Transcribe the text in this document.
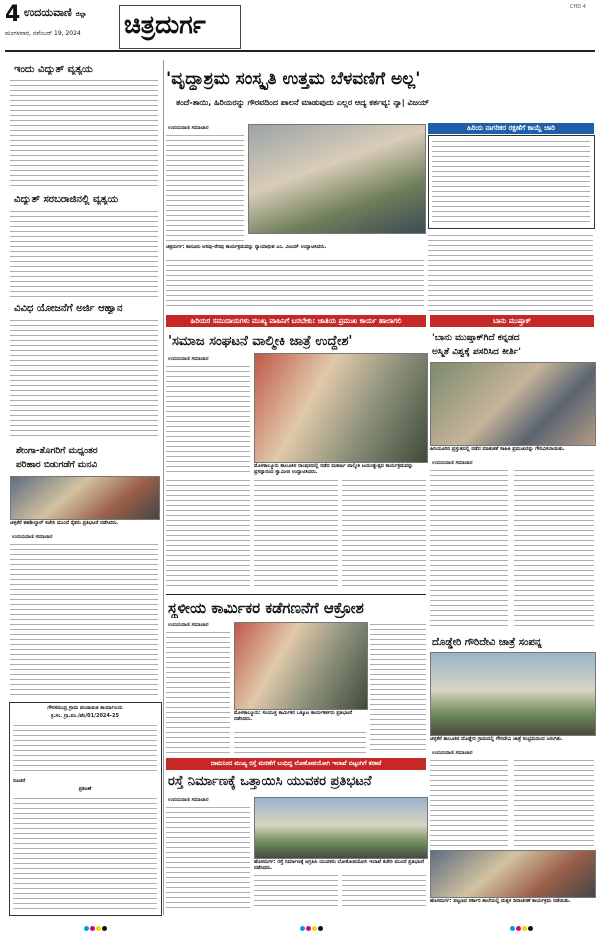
4 ಉದಯವಾಣಿ ಜಿಲ್ಲಾ
ಮಂಗಳವಾರ, ನವೆಂಬರ್ 19, 2024 ಚಿತ್ರದುರ್ಗ
CHD 4
ಇಂದು ವಿದ್ಯುತ್ ವ್ಯತ್ಯಯ
ವಿದ್ಯುತ್ ಸರಬರಾಜಿನಲ್ಲಿ ವ್ಯತ್ಯಯ
ವಿವಿಧ ಯೋಜನೆಗೆ ಅರ್ಜಿ ಆಹ್ವಾನ
ಶೇಂಗಾ-ತೊಗರಿಗೆ ಮಧ್ಯಂತರ
ಪರಿಹಾರ ಬಿಡುಗಡೆಗೆ ಮನವಿ
ಚಳ್ಳಕೆರೆ ತಹಶೀಲ್ದಾರ್ ಕಚೇರಿ ಮುಂದೆ ರೈತರು ಪ್ರತಿಭಟನೆ ನಡೆಸಿದರು.
ಉದಯವಾಣಿ ಸಮಾಚಾರ
ಗೌರಸಮುದ್ರ ಗ್ರಾಮ ಪಂಚಾಯಿತಿ ಕಾರ್ಯಾಲಯ
ಕ್ರ.ಸಂ. ಗ್ರಾ.ಪಂ./ಟೆಂ/01/2024-25
ಸೂಚನೆ
ಪ್ರಕಟಣೆ
'ವೃದ್ಧಾಶ್ರಮ ಸಂಸ್ಕೃತಿ ಉತ್ತಮ ಬೆಳವಣಿಗೆ ಅಲ್ಲ'
ತಂದೆ-ತಾಯಿ, ಹಿರಿಯರನ್ನು ಗೌರವದಿಂದ ಪಾಲನೆ ಮಾಡುವುದು ಎಲ್ಲರ ಆದ್ಯ ಕರ್ತವ್ಯ: ನ್ಯಾ| ವಿಜಯ್
ಉದಯವಾಣಿ ಸಮಾಚಾರ
ಚಿತ್ರದುರ್ಗ: ಕಾನೂನು ಅರಿವು-ನೆರವು ಕಾರ್ಯಕ್ರಮವನ್ನು ನ್ಯಾಯಾಧೀಶ ಎಂ. ವಿಜಯ್ ಉದ್ಘಾಟಿಸಿದರು.
ಹಿರಿಯ ನಾಗರಿಕರ ರಕ್ಷಣೆಗೆ ಕಾಯ್ದೆ ಜಾರಿ
ಹಿರಿಯರ ಸಮುದಾಯಗಳು ಮುಖ್ಯ ವಾಹಿನಿಗೆ ಬರಬೇಕು: ಜಾತಿಯ ಪ್ರಮುಖ ಕಾರ್ಯ ಹಾಲಾಗಲಿ	ಬಾನು ಮುಷ್ತಾಕ್
'ಸಮಾಜ ಸಂಘಟನೆ ವಾಲ್ಮೀಕಿ ಜಾತ್ರೆ ಉದ್ದೇಶ'
ಉದಯವಾಣಿ ಸಮಾಚಾರ
ಮೊಳಕಾಲ್ಮೂರು ತಾಲೂಕಿನ ರಾಂಪುರದಲ್ಲಿ ನಡೆದ ಮಹರ್ಷಿ ವಾಲ್ಮೀಕಿ ಜಯಂತ್ಯುತ್ಸವ ಕಾರ್ಯಕ್ರಮವನ್ನು ಪ್ರಸನ್ನಾನಂದ ಸ್ವಾಮೀಜಿ ಉದ್ಘಾಟಿಸಿದರು.
'ಬಾನು ಮುಷ್ತಾಕ್‌ಗಿದೆ ಕನ್ನಡದ
ಅಸ್ಮಿತೆ ವಿಶ್ವಕ್ಕೆ ಪಸರಿಸಿದ ಕೀರ್ತಿ'
ಹಿರಿಯೂರಿನ ಪ್ರಸ್ತುತದಲ್ಲಿ ನಡೆದ ಮಾತುಕತೆ ಸಾಹಿತಿ ಪ್ರಮುಖರನ್ನು ಗೌರವಿಸಲಾಯಿತು.
ಉದಯವಾಣಿ ಸಮಾಚಾರ
ಸ್ಥಳೀಯ ಕಾರ್ಮಿಕರ ಕಡೆಗಣನೆಗೆ ಆಕ್ರೋಶ
ಉದಯವಾಣಿ ಸಮಾಚಾರ
ಮೊಳಕಾಲ್ಮೂರು: ಸಂಯುಕ್ತ ಕಾರ್ಮಿಕರ ಒಕ್ಕೂಟ ಕಾರ್ಯಕರ್ತರು ಪ್ರತಿಭಟನೆ ನಡೆಸಿದರು.
ದೊಡ್ಡೇರಿ ಗೌರಿದೇವಿ ಜಾತ್ರೆ ಸಂಪನ್ನ
ಚಳ್ಳಕೆರೆ ತಾಲೂಕಿನ ದೊಡ್ಡೇರಿ ಗ್ರಾಮದಲ್ಲಿ ಗೌರಿದೇವಿ ಜಾತ್ರೆ ಸಂಭ್ರಮದಿಂದ ಜರುಗಿತು.
ಉದಯವಾಣಿ ಸಮಾಚಾರ
ದಾಮನಿಂದ ಮುಖ್ಯ ರಸ್ತೆ ಮರಣೆಗೆ ಬಂಧಿದ್ದ ಲೋಕೋಪಯೋಗಿ ಇಲಾಖೆ ಬಿಟ್ಟಂಗಿಗೆ ತರಾಟೆ
ರಸ್ತೆ ನಿರ್ಮಾಣಕ್ಕೆ ಒತ್ತಾಯಿಸಿ ಯುವಕರ ಪ್ರತಿಭಟನೆ
ಉದಯವಾಣಿ ಸಮಾಚಾರ
ಹೊಸದುರ್ಗ: ರಸ್ತೆ ನಿರ್ಮಾಣಕ್ಕೆ ಆಗ್ರಹಿಸಿ ಯುವಕರು ಲೋಕೋಪಯೋಗಿ ಇಲಾಖೆ ಕಚೇರಿ ಮುಂದೆ ಪ್ರತಿಭಟನೆ ನಡೆಸಿದರು.
ಹೊಸದುರ್ಗ: ಪಟ್ಟಣದ ಸರ್ಕಾರಿ ಶಾಲೆಯಲ್ಲಿ ಮಕ್ಕಳ ದಿನಾಚರಣೆ ಕಾರ್ಯಕ್ರಮ ನಡೆಯಿತು.
